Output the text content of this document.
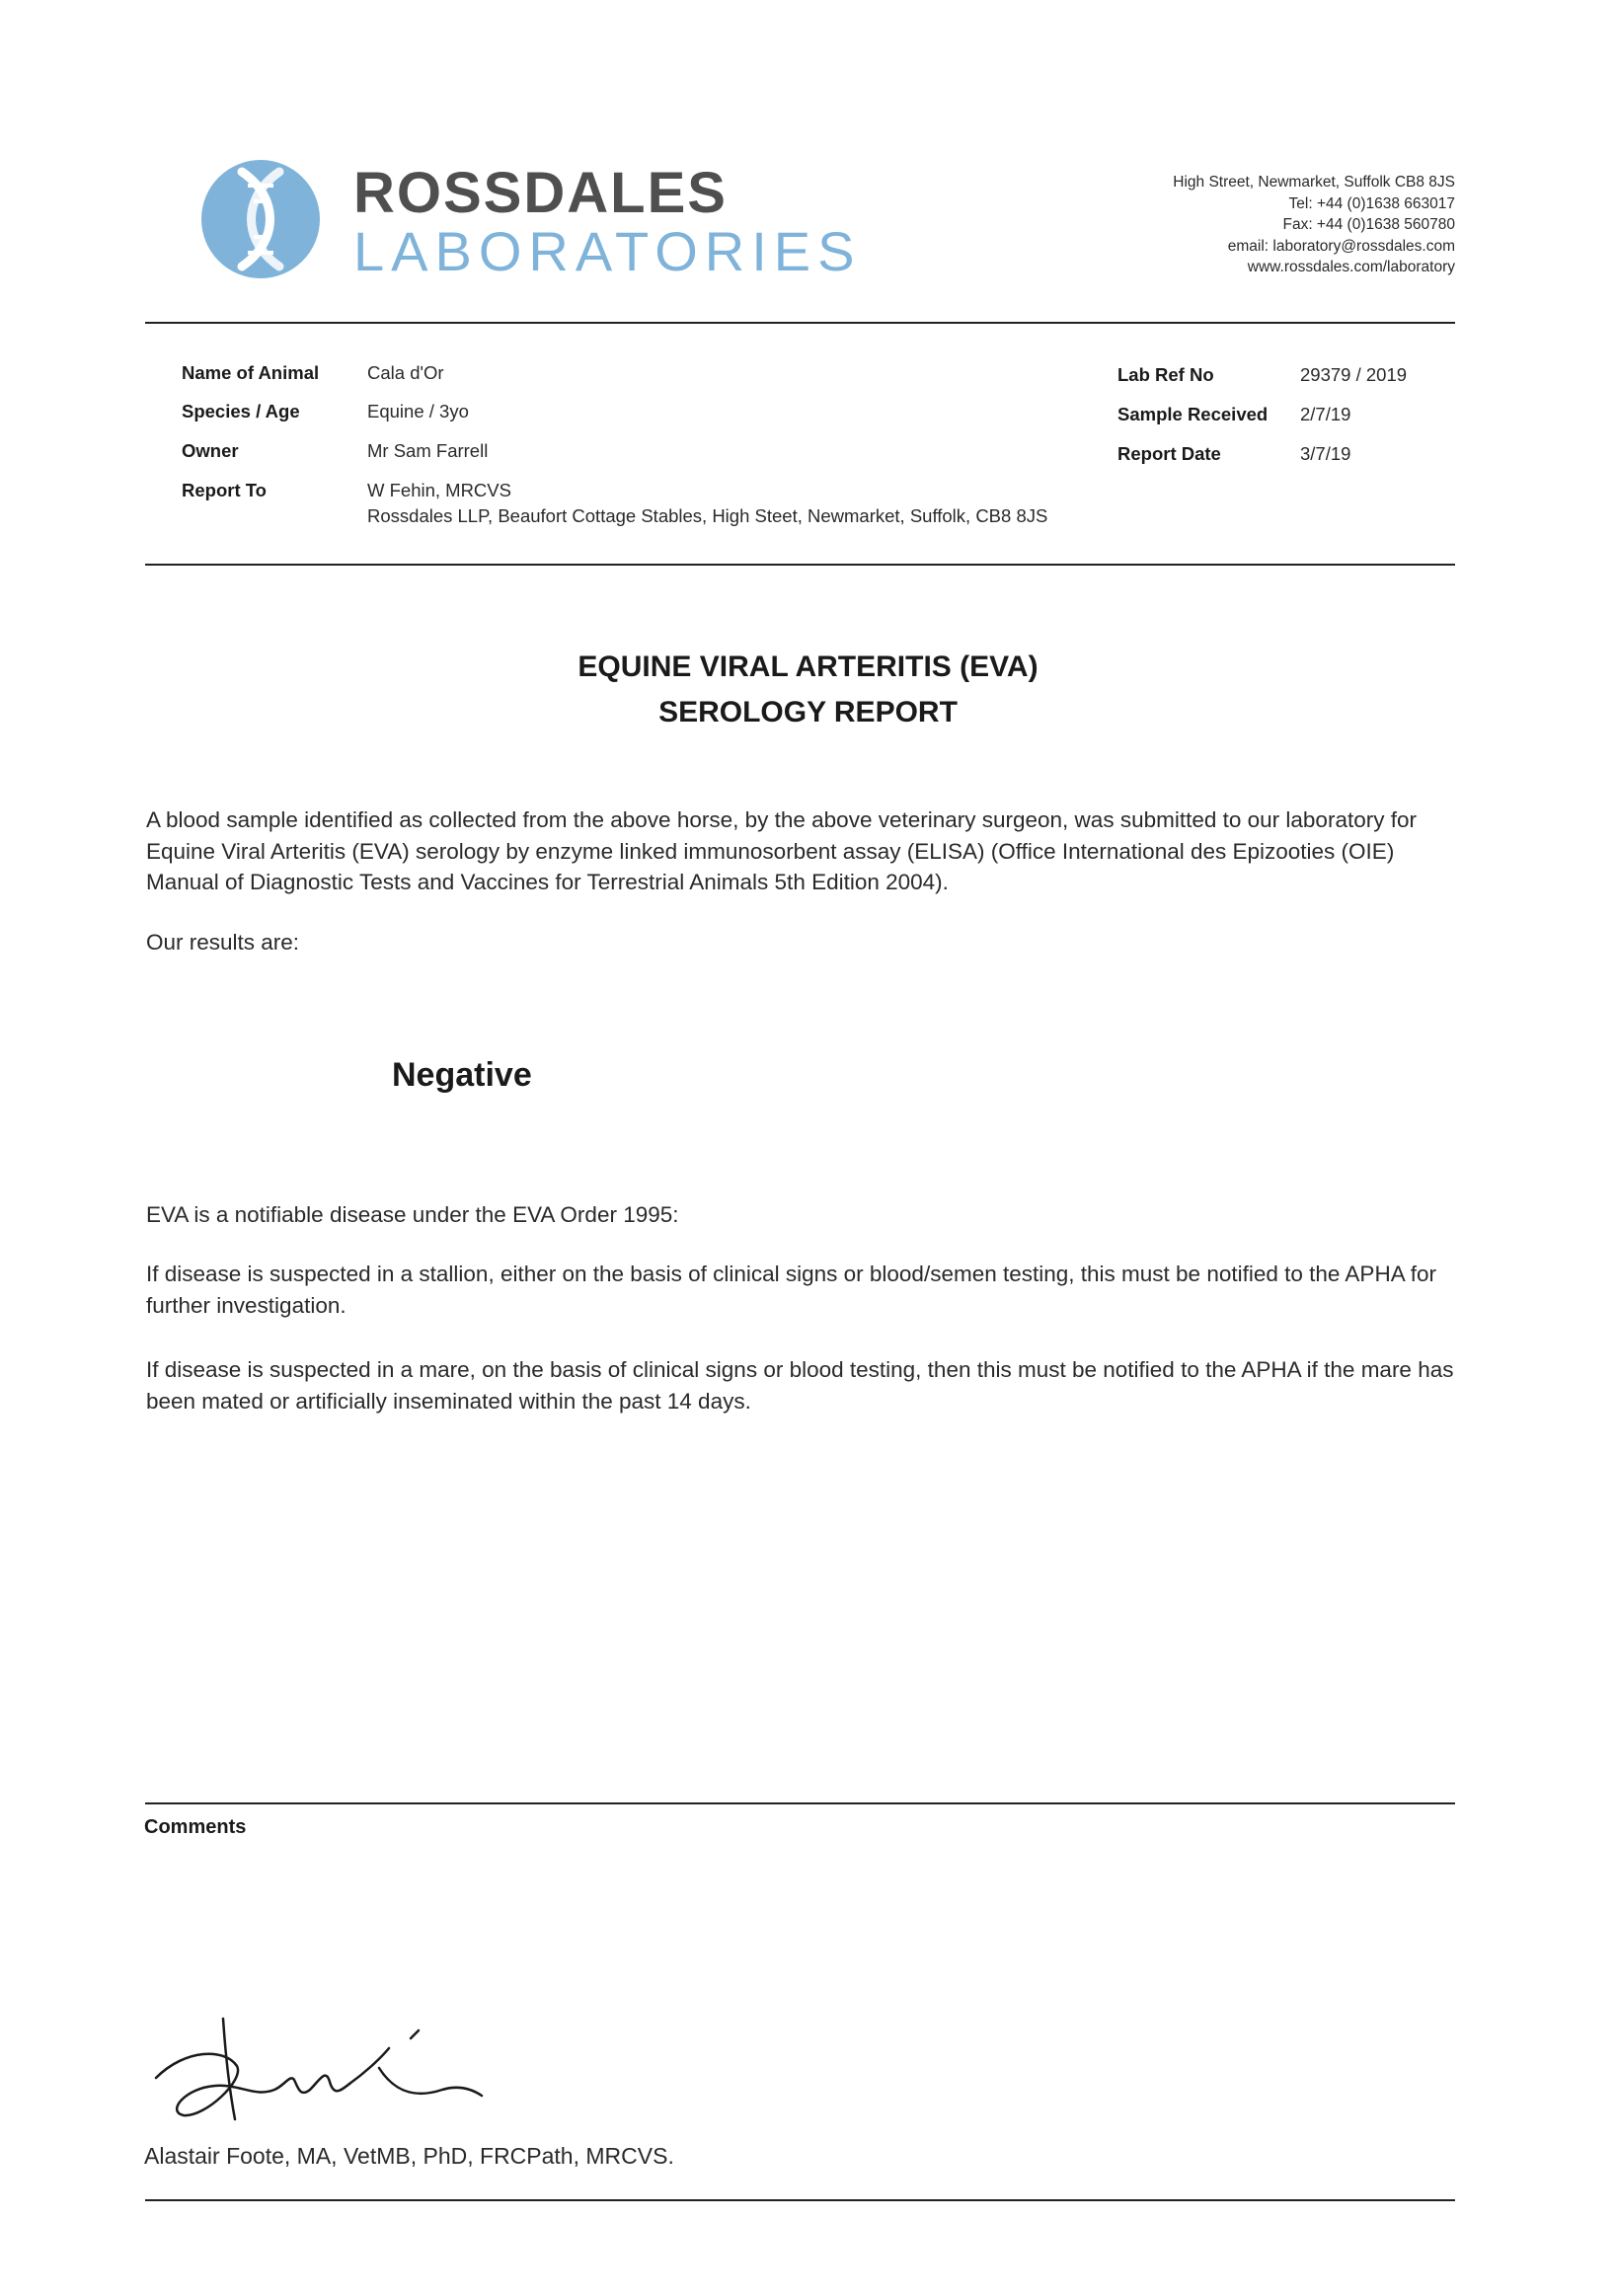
ROSSDALES
LABORATORIES
High Street, Newmarket, Suffolk CB8 8JS
Tel: +44 (0)1638 663017
Fax: +44 (0)1638 560780
email: laboratory@rossdales.com
www.rossdales.com/laboratory
Name of Animal	Cala d'Or
Species / Age	Equine / 3yo
Owner	Mr Sam Farrell
Report To	W Fehin, MRCVS
Rossdales LLP, Beaufort Cottage Stables, High Steet, Newmarket, Suffolk, CB8 8JS
Lab Ref No	29379 / 2019
Sample Received 2/7/19
Report Date	3/7/19
EQUINE VIRAL ARTERITIS (EVA)
SEROLOGY REPORT
A blood sample identified as collected from the above horse, by the above veterinary surgeon, was submitted to our laboratory for Equine Viral Arteritis (EVA) serology by enzyme linked immunosorbent assay (ELISA) (Office International des Epizooties (OIE) Manual of Diagnostic Tests and Vaccines for Terrestrial Animals 5th Edition 2004).
Our results are:
Negative
EVA is a notifiable disease under the EVA Order 1995:
If disease is suspected in a stallion, either on the basis of clinical signs or blood/semen testing, this must be notified to the APHA for further investigation.
If disease is suspected in a mare, on the basis of clinical signs or blood testing, then this must be notified to the APHA if the mare has been mated or artificially inseminated within the past 14 days.
Comments
Alastair Foote, MA, VetMB, PhD, FRCPath, MRCVS.
